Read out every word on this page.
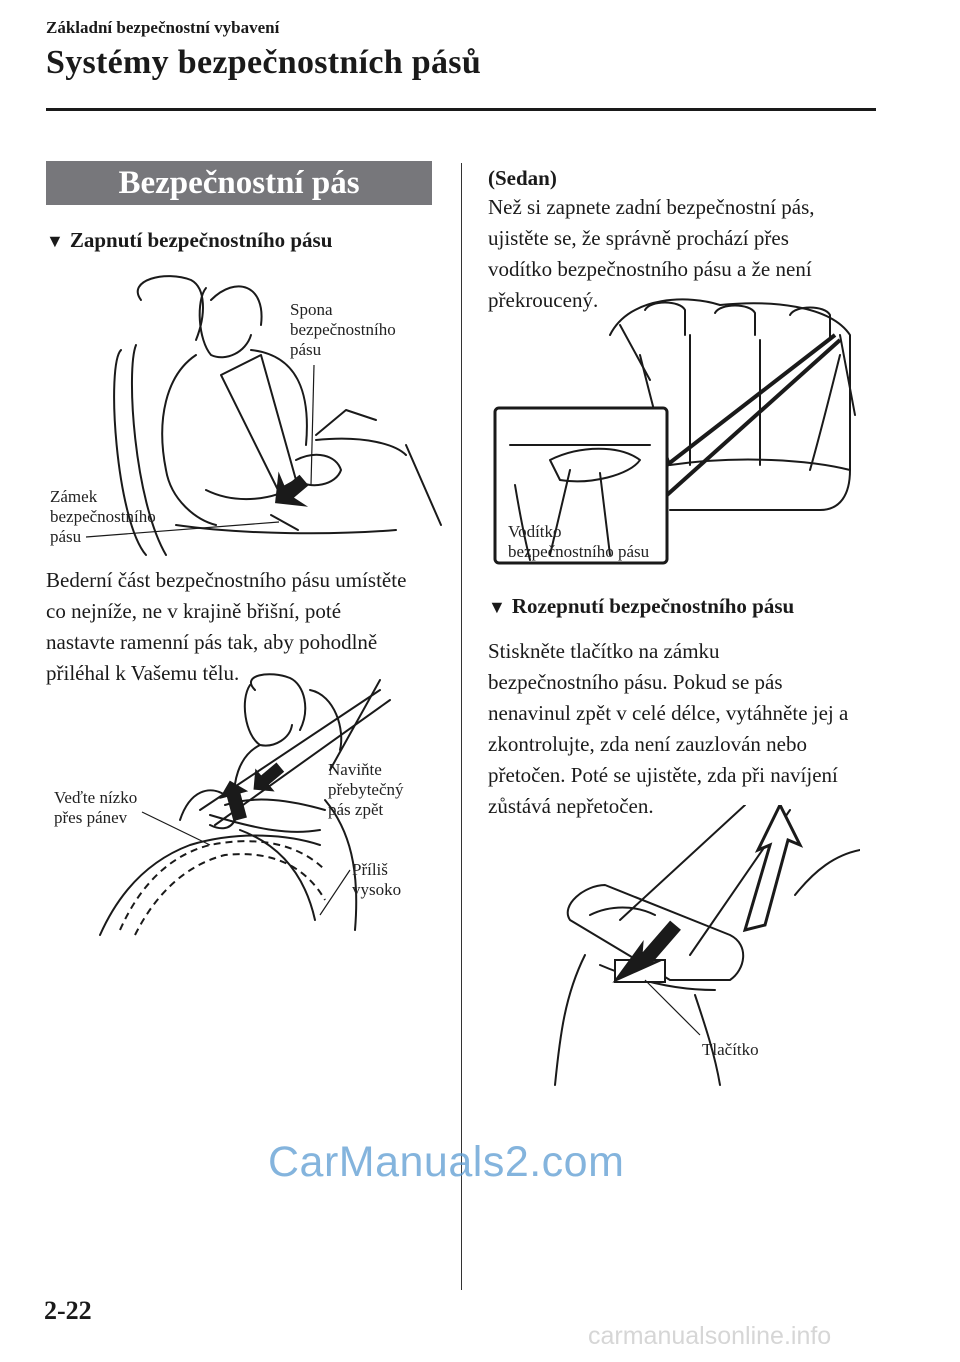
Základní bezpečnostní vybavení
Systémy bezpečnostních pásů
Bezpečnostní pás
▼ Zapnutí bezpečnostního pásu
Spona
bezpečnostního
pásu
Zámek
bezpečnostního
pásu
Bederní část bezpečnostního pásu umístěte
co nejníže, ne v krajině břišní, poté
nastavte ramenní pás tak, aby pohodlně
přiléhal k Vašemu tělu.
Veďte nízko
přes pánev
Naviňte
přebytečný
pás zpět
Příliš
vysoko
(Sedan)
Než si zapnete zadní bezpečnostní pás,
ujistěte se, že správně prochází přes
vodítko bezpečnostního pásu a že není
překroucený.
Vodítko
bezpečnostního pásu
▼ Rozepnutí bezpečnostního pásu
Stiskněte tlačítko na zámku
bezpečnostního pásu. Pokud se pás
nenavinul zpět v celé délce, vytáhněte jej a
zkontrolujte, zda není zauzlován nebo
přetočen. Poté se ujistěte, zda při navíjení
zůstává nepřetočen.
Tlačítko
CarManuals2.com
2-22
carmanualsonline.info
